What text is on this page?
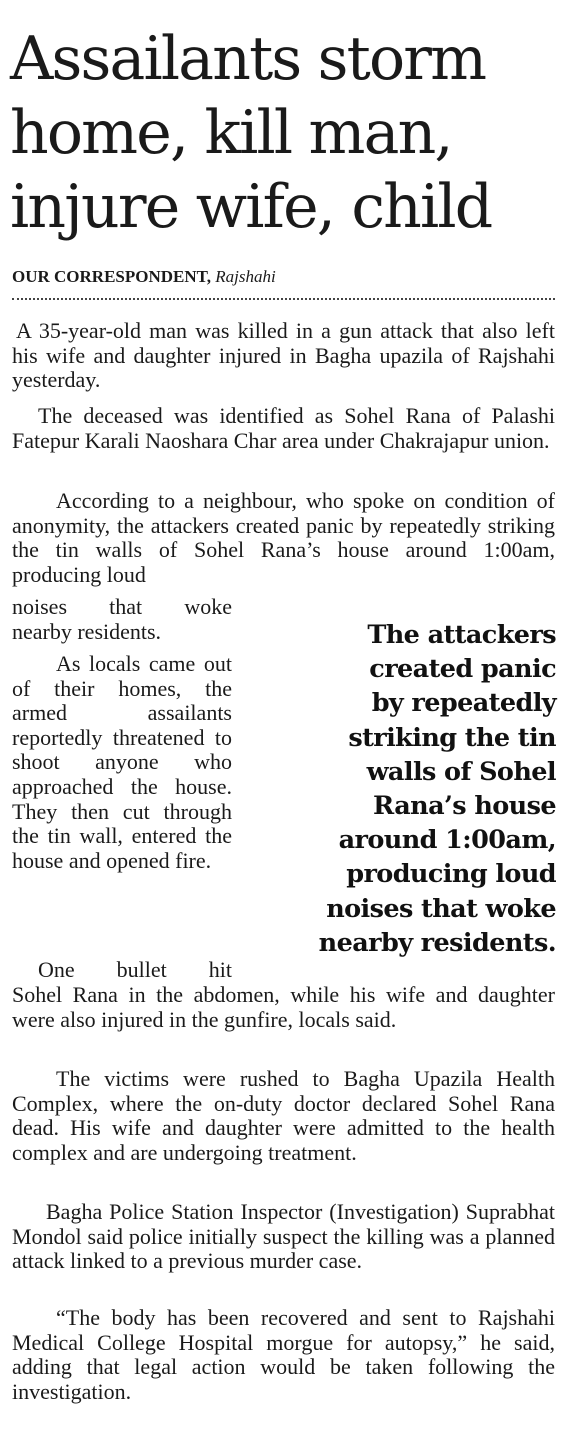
Assailants storm
home, kill man,
injure wife, child
OUR CORRESPONDENT, Rajshahi

A 35-year-old man was killed in a gun attack that also left his wife and daughter injured in Bagha upazila of Rajshahi yesterday.

The deceased was identified as Sohel Rana of Palashi Fatepur Karali Naoshara Char area under Chakrajapur union.

According to a neighbour, who spoke on condition of anonymity, the attackers created panic by repeatedly striking the tin walls of Sohel Rana’s house around 1:00am, producing loud

noises that woke

nearby residents.

As locals came out of their homes, the armed assailants reportedly threatened to shoot anyone who approached the house. They then cut through the tin wall, entered the house and opened fire.

One bullet hit

Sohel Rana in the abdomen, while his wife and daughter were also injured in the gunfire, locals said.

The victims were rushed to Bagha Upazila Health Complex, where the on-duty doctor declared Sohel Rana dead. His wife and daughter were admitted to the health complex and are undergoing treatment.

Bagha Police Station Inspector (Investigation) Suprabhat Mondol said police initially suspect the killing was a planned attack linked to a previous murder case.

“The body has been recovered and sent to Rajshahi Medical College Hospital morgue for autopsy,” he said, adding that legal action would be taken following the investigation.

The attackers
created panic
by repeatedly
striking the tin
walls of Sohel
Rana’s house
around 1:00am,
producing loud
noises that woke
nearby residents.
